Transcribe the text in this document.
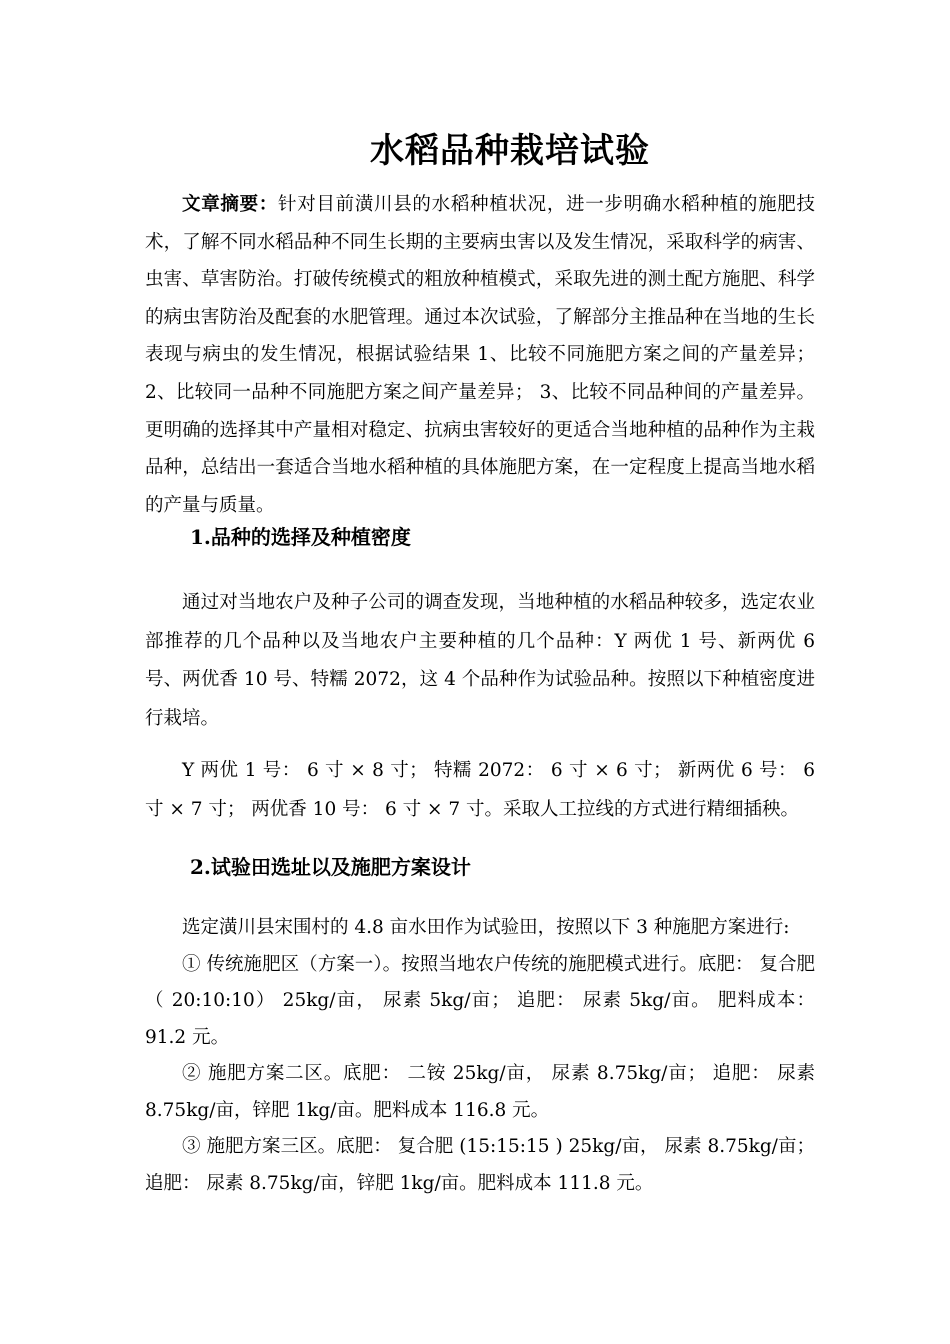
水稻品种栽培试验

文章摘要：针对目前潢川县的水稻种植状况，进一步明确水稻种植的施肥技术，了解不同水稻品种不同生长期的主要病虫害以及发生情况，采取科学的病害、虫害、草害防治。打破传统模式的粗放种植模式，采取先进的测土配方施肥、科学的病虫害防治及配套的水肥管理。通过本次试验，了解部分主推品种在当地的生长表现与病虫的发生情况，根据试验结果 1、比较不同施肥方案之间的产量差异； 2、比较同一品种不同施肥方案之间产量差异； 3、比较不同品种间的产量差异。更明确的选择其中产量相对稳定、抗病虫害较好的更适合当地种植的品种作为主栽品种，总结出一套适合当地水稻种植的具体施肥方案，在一定程度上提高当地水稻的产量与质量。

1.品种的选择及种植密度

通过对当地农户及种子公司的调查发现，当地种植的水稻品种较多，选定农业部推荐的几个品种以及当地农户主要种植的几个品种：Y 两优 1 号、新两优 6 号、两优香 10 号、特糯 2072，这 4 个品种作为试验品种。按照以下种植密度进行栽培。

Y 两优 1 号： 6 寸 × 8 寸； 特糯 2072： 6 寸 × 6 寸； 新两优 6 号： 6 寸 × 7 寸； 两优香 10 号： 6 寸 × 7 寸。采取人工拉线的方式进行精细插秧。

2.试验田选址以及施肥方案设计
选定潢川县宋围村的 4.8 亩水田作为试验田，按照以下 3 种施肥方案进行:
① 传统施肥区（方案一）。按照当地农户传统的施肥模式进行。底肥： 复合肥（ 20:10:10） 25kg/亩， 尿素 5kg/亩； 追肥： 尿素 5kg/亩。 肥料成本：91.2 元。
② 施肥方案二区。底肥： 二铵 25kg/亩， 尿素 8.75kg/亩； 追肥： 尿素 8.75kg/亩，锌肥 1kg/亩。肥料成本 116.8 元。
③ 施肥方案三区。底肥： 复合肥 (15:15:15 ) 25kg/亩， 尿素 8.75kg/亩； 追肥： 尿素 8.75kg/亩，锌肥 1kg/亩。肥料成本 111.8 元。
